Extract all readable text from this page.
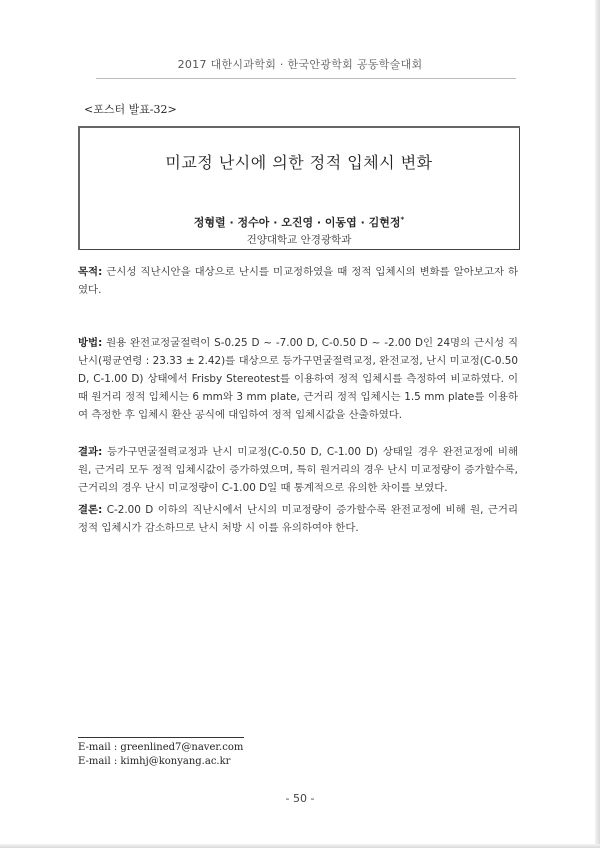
2017 대한시과학회 · 한국안광학회 공동학술대회
<포스터 발표-32>
미교정 난시에 의한 정적 입체시 변화
정형렬 · 정수아 · 오진영 · 이동엽 · 김현정*
건양대학교 안경광학과
목적: 근시성 직난시안을 대상으로 난시를 미교정하였을 때 정적 입체시의 변화를 알아보고자 하였다.
방법: 원용 완전교정굴절력이 S-0.25 D ~ -7.00 D, C-0.50 D ~ -2.00 D인 24명의 근시성 직난시(평균연령 : 23.33 ± 2.42)를 대상으로 등가구면굴절력교정, 완전교정, 난시 미교정(C-0.50 D, C-1.00 D) 상태에서 Frisby Stereotest를 이용하여 정적 입체시를 측정하여 비교하였다. 이때 원거리 정적 입체시는 6 mm와 3 mm plate, 근거리 정적 입체시는 1.5 mm plate를 이용하여 측정한 후 입체시 환산 공식에 대입하여 정적 입체시값을 산출하였다.
결과: 등가구면굴절력교정과 난시 미교정(C-0.50 D, C-1.00 D) 상태일 경우 완전교정에 비해 원, 근거리 모두 정적 입체시값이 증가하였으며, 특히 원거리의 경우 난시 미교정량이 증가할수록, 근거리의 경우 난시 미교정량이 C-1.00 D일 때 통계적으로 유의한 차이를 보였다.
결론: C-2.00 D 이하의 직난시에서 난시의 미교정량이 증가할수록 완전교정에 비해 원, 근거리 정적 입체시가 감소하므로 난시 처방 시 이를 유의하여야 한다.
E-mail : greenlined7@naver.com
E-mail : kimhj@konyang.ac.kr
- 50 -
